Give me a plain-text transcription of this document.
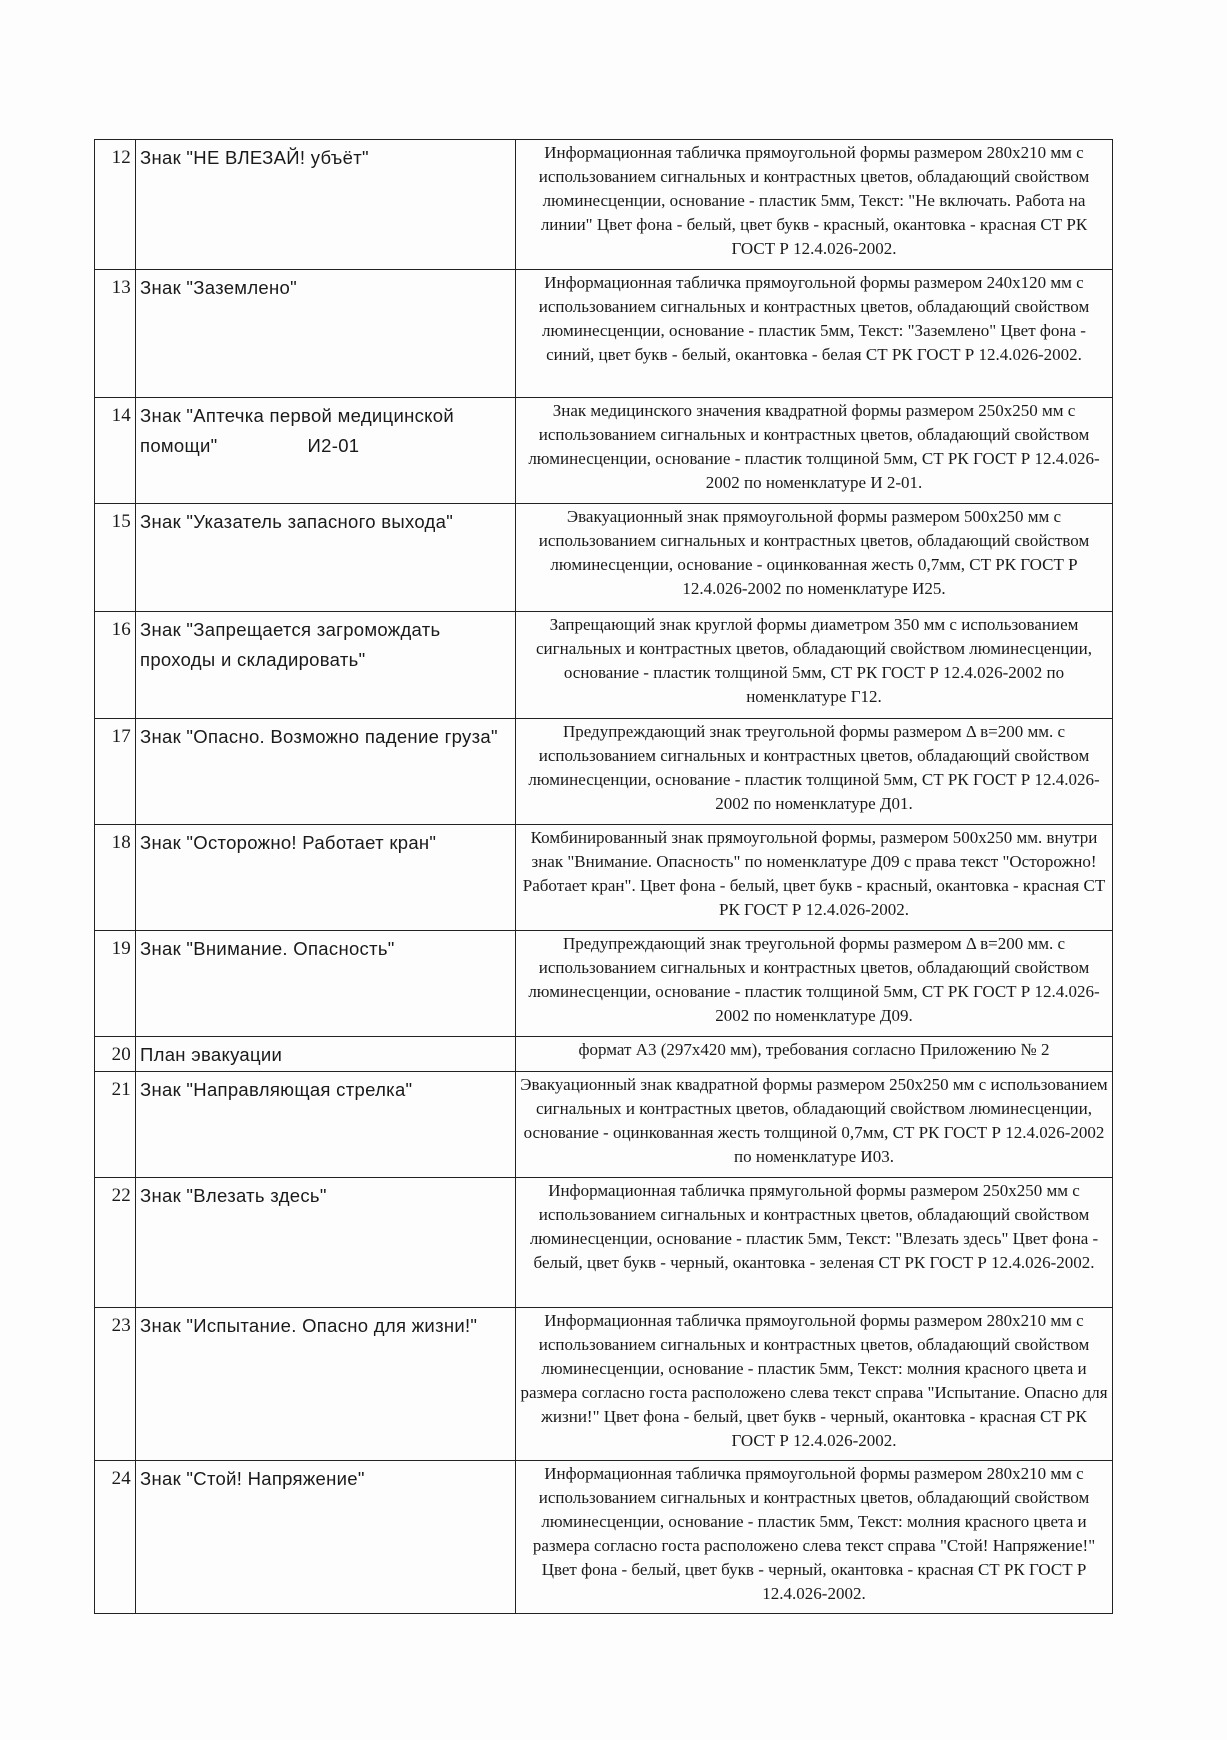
12	Знак "НЕ ВЛЕЗАЙ! убъёт"	Информационная табличка прямоугольной формы размером 280х210 мм с использованием сигнальных и контрастных цветов, обладающий свойством люминесценции, основание - пластик 5мм, Текст: "Не включать. Работа на линии" Цвет фона - белый, цвет букв - красный, окантовка - красная СТ РК ГОСТ Р 12.4.026-2002.
13	Знак "Заземлено"	Информационная табличка прямоугольной формы размером 240х120 мм с использованием сигнальных и контрастных цветов, обладающий свойством люминесценции, основание - пластик 5мм, Текст: "Заземлено" Цвет фона - синий, цвет букв - белый, окантовка - белая СТ РК ГОСТ Р 12.4.026-2002.
14	Знак "Аптечка первой медицинской помощи" И2-01	Знак медицинского значения квадратной формы размером 250х250 мм с использованием сигнальных и контрастных цветов, обладающий свойством люминесценции, основание - пластик толщиной 5мм, СТ РК ГОСТ Р 12.4.026-2002 по номенклатуре И 2-01.
15	Знак "Указатель запасного выхода"	Эвакуационный знак прямоугольной формы размером 500х250 мм с использованием сигнальных и контрастных цветов, обладающий свойством люминесценции, основание - оцинкованная жесть 0,7мм, СТ РК ГОСТ Р 12.4.026-2002 по номенклатуре И25.
16	Знак "Запрещается загромождать проходы и складировать"	Запрещающий знак круглой формы диаметром 350 мм с использованием сигнальных и контрастных цветов, обладающий свойством люминесценции, основание - пластик толщиной 5мм, СТ РК ГОСТ Р 12.4.026-2002 по номенклатуре Г12.
17	Знак "Опасно. Возможно падение груза"	Предупреждающий знак треугольной формы размером Δ в=200 мм. с использованием сигнальных и контрастных цветов, обладающий свойством люминесценции, основание - пластик толщиной 5мм, СТ РК ГОСТ Р 12.4.026-2002 по номенклатуре Д01.
18	Знак "Осторожно! Работает кран"	Комбинированный знак прямоугольной формы, размером 500х250 мм. внутри знак "Внимание. Опасность" по номенклатуре Д09 с права текст "Осторожно! Работает кран". Цвет фона - белый, цвет букв - красный, окантовка - красная СТ РК ГОСТ Р 12.4.026-2002.
19	Знак "Внимание. Опасность"	Предупреждающий знак треугольной формы размером Δ в=200 мм. с использованием сигнальных и контрастных цветов, обладающий свойством люминесценции, основание - пластик толщиной 5мм, СТ РК ГОСТ Р 12.4.026-2002 по номенклатуре Д09.
20	План эвакуации	формат А3 (297х420 мм), требования согласно Приложению № 2
21	Знак "Направляющая стрелка"	Эвакуационный знак квадратной формы размером 250х250 мм с использованием сигнальных и контрастных цветов, обладающий свойством люминесценции, основание - оцинкованная жесть толщиной 0,7мм, СТ РК ГОСТ Р 12.4.026-2002 по номенклатуре И03.
22	Знак "Влезать здесь"	Информационная табличка прямугольной формы размером 250х250 мм с использованием сигнальных и контрастных цветов, обладающий свойством люминесценции, основание - пластик 5мм, Текст: "Влезать здесь" Цвет фона - белый, цвет букв - черный, окантовка - зеленая СТ РК ГОСТ Р 12.4.026-2002.
23	Знак "Испытание. Опасно для жизни!"	Информационная табличка прямоугольной формы размером 280х210 мм с использованием сигнальных и контрастных цветов, обладающий свойством люминесценции, основание - пластик 5мм, Текст: молния красного цвета и размера согласно госта расположено слева текст справа "Испытание. Опасно для жизни!" Цвет фона - белый, цвет букв - черный, окантовка - красная СТ РК ГОСТ Р 12.4.026-2002.
24	Знак "Стой! Напряжение"	Информационная табличка прямоугольной формы размером 280х210 мм с использованием сигнальных и контрастных цветов, обладающий свойством люминесценции, основание - пластик 5мм, Текст: молния красного цвета и размера согласно госта расположено слева текст справа "Стой! Напряжение!" Цвет фона - белый, цвет букв - черный, окантовка - красная СТ РК ГОСТ Р 12.4.026-2002.
